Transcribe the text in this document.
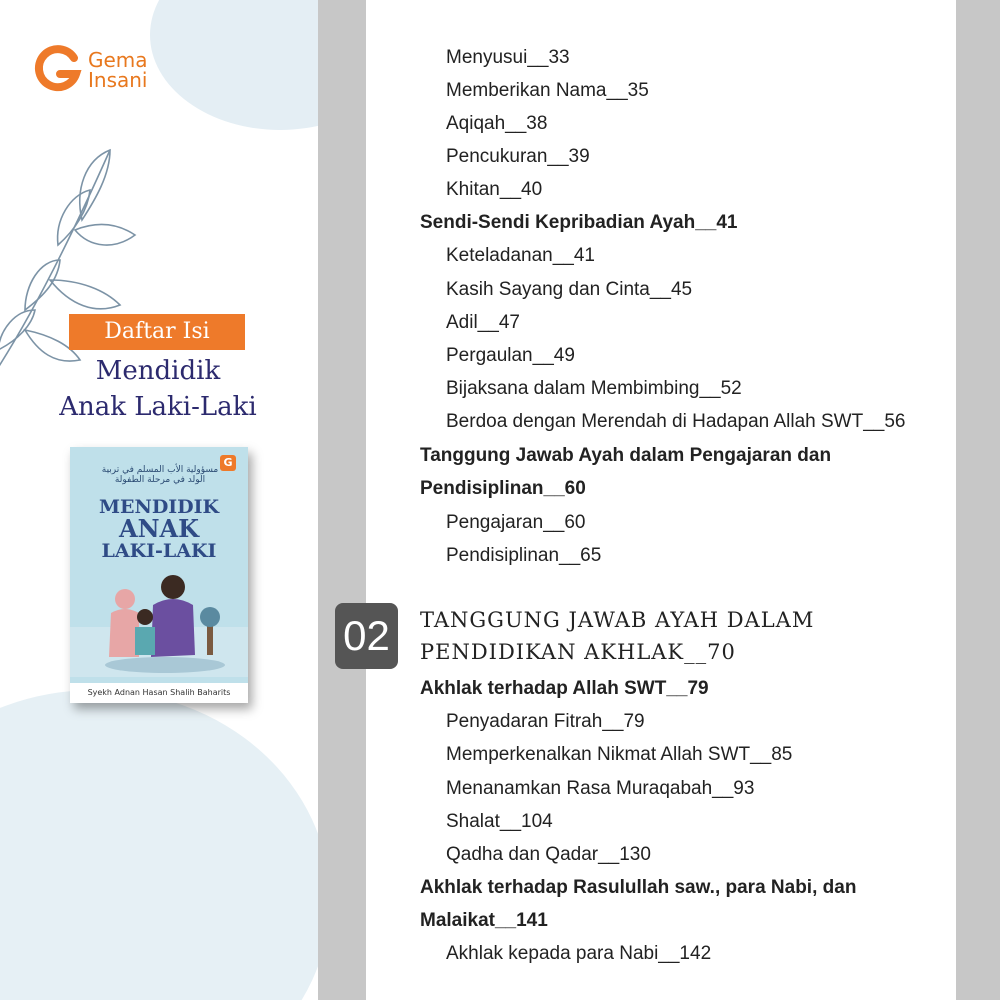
Gema
Insani
Daftar Isi
Mendidik
Anak Laki-Laki
مسؤولية الأب المسلم في تربية الولد في مرحلة الطفولة
G
MENDIDIK
ANAK
LAKI-LAKI
Syekh Adnan Hasan Shalih Baharits
Menyusui__33
Memberikan Nama__35
Aqiqah__38
Pencukuran__39
Khitan__40
Sendi-Sendi Kepribadian Ayah__41
Keteladanan__41
Kasih Sayang dan Cinta__45
Adil__47
Pergaulan__49
Bijaksana dalam Membimbing__52
Berdoa dengan Merendah di Hadapan Allah SWT__56
Tanggung Jawab Ayah dalam Pengajaran dan
Pendisiplinan__60
Pengajaran__60
Pendisiplinan__65
TANGGUNG JAWAB AYAH DALAM
PENDIDIKAN AKHLAK__70
Akhlak terhadap Allah SWT__79
Penyadaran Fitrah__79
Memperkenalkan Nikmat Allah SWT__85
Menanamkan Rasa Muraqabah__93
Shalat__104
Qadha dan Qadar__130
Akhlak terhadap Rasulullah saw., para Nabi, dan
Malaikat__141
Akhlak kepada para Nabi__142
02
